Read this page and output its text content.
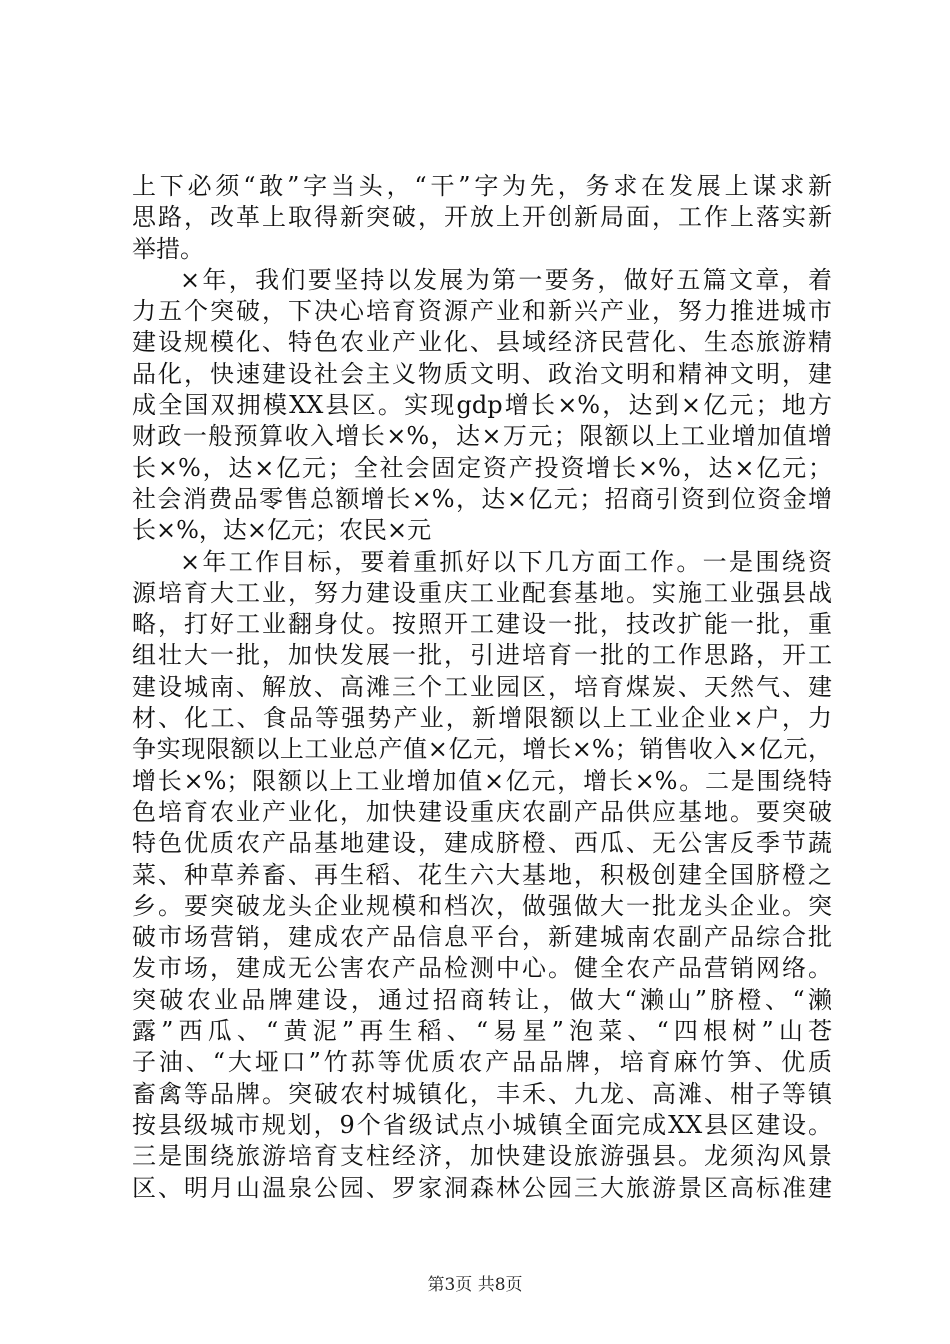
上下必须“敢”字当头，“干”字为先，务求在发展上谋求新
思路，改革上取得新突破，开放上开创新局面，工作上落实新
举措。
×年，我们要坚持以发展为第一要务，做好五篇文章，着
力五个突破，下决心培育资源产业和新兴产业，努力推进城市
建设规模化、特色农业产业化、县域经济民营化、生态旅游精
品化，快速建设社会主义物质文明、政治文明和精神文明，建
成全国双拥模XX县区。实现gdp增长×%，达到×亿元；地方
财政一般预算收入增长×%，达×万元；限额以上工业增加值增
长×%，达×亿元；全社会固定资产投资增长×%，达×亿元；
社会消费品零售总额增长×%，达×亿元；招商引资到位资金增
长×%，达×亿元；农民×元
×年工作目标，要着重抓好以下几方面工作。一是围绕资
源培育大工业，努力建设重庆工业配套基地。实施工业强县战
略，打好工业翻身仗。按照开工建设一批，技改扩能一批，重
组壮大一批，加快发展一批，引进培育一批的工作思路，开工
建设城南、解放、高滩三个工业园区，培育煤炭、天然气、建
材、化工、食品等强势产业，新增限额以上工业企业×户，力
争实现限额以上工业总产值×亿元，增长×%；销售收入×亿元，
增长×%；限额以上工业增加值×亿元，增长×%。二是围绕特
色培育农业产业化，加快建设重庆农副产品供应基地。要突破
特色优质农产品基地建设，建成脐橙、西瓜、无公害反季节蔬
菜、种草养畜、再生稻、花生六大基地，积极创建全国脐橙之
乡。要突破龙头企业规模和档次，做强做大一批龙头企业。突
破市场营销，建成农产品信息平台，新建城南农副产品综合批
发市场，建成无公害农产品检测中心。健全农产品营销网络。
突破农业品牌建设，通过招商转让，做大“濑山”脐橙、“濑
露”西瓜、“黄泥”再生稻、“易星”泡菜、“四根树”山苍
子油、“大垭口”竹荪等优质农产品品牌，培育麻竹笋、优质
畜禽等品牌。突破农村城镇化，丰禾、九龙、高滩、柑子等镇
按县级城市规划，9个省级试点小城镇全面完成XX县区建设。
三是围绕旅游培育支柱经济，加快建设旅游强县。龙须沟风景
区、明月山温泉公园、罗家洞森林公园三大旅游景区高标准建
第3页 共8页
